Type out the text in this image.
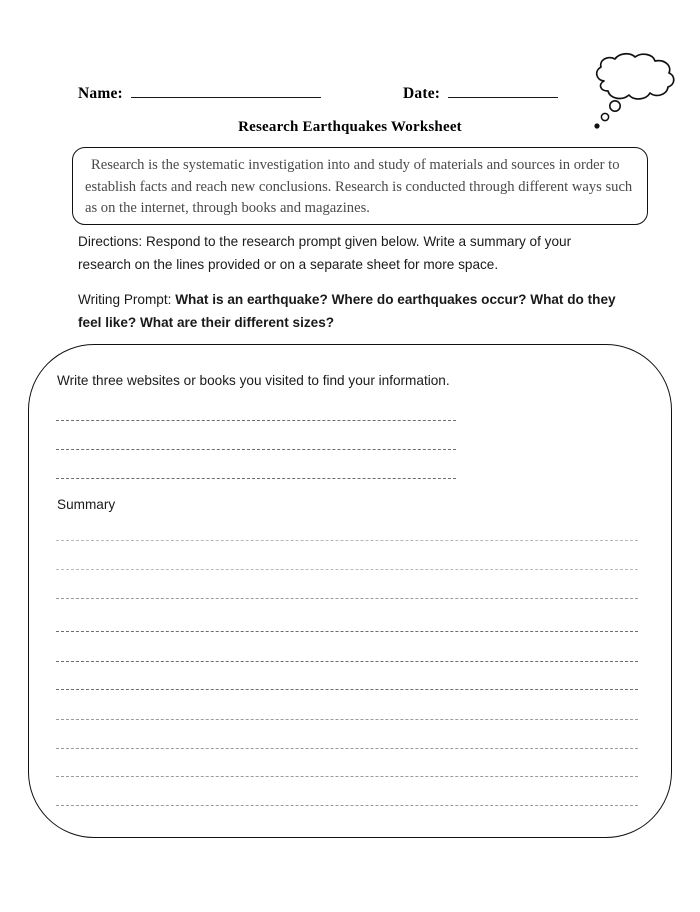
Name:	Date:
Research Earthquakes Worksheet
Research is the systematic investigation into and study of materials and sources in order to establish facts and reach new conclusions. Research is conducted through different ways such as on the internet, through books and magazines.
Directions: Respond to the research prompt given below. Write a summary of your research on the lines provided or on a separate sheet for more space.
Writing Prompt: What is an earthquake? Where do earthquakes occur? What do they feel like? What are their different sizes?
Write three websites or books you visited to find your information.
Summary
